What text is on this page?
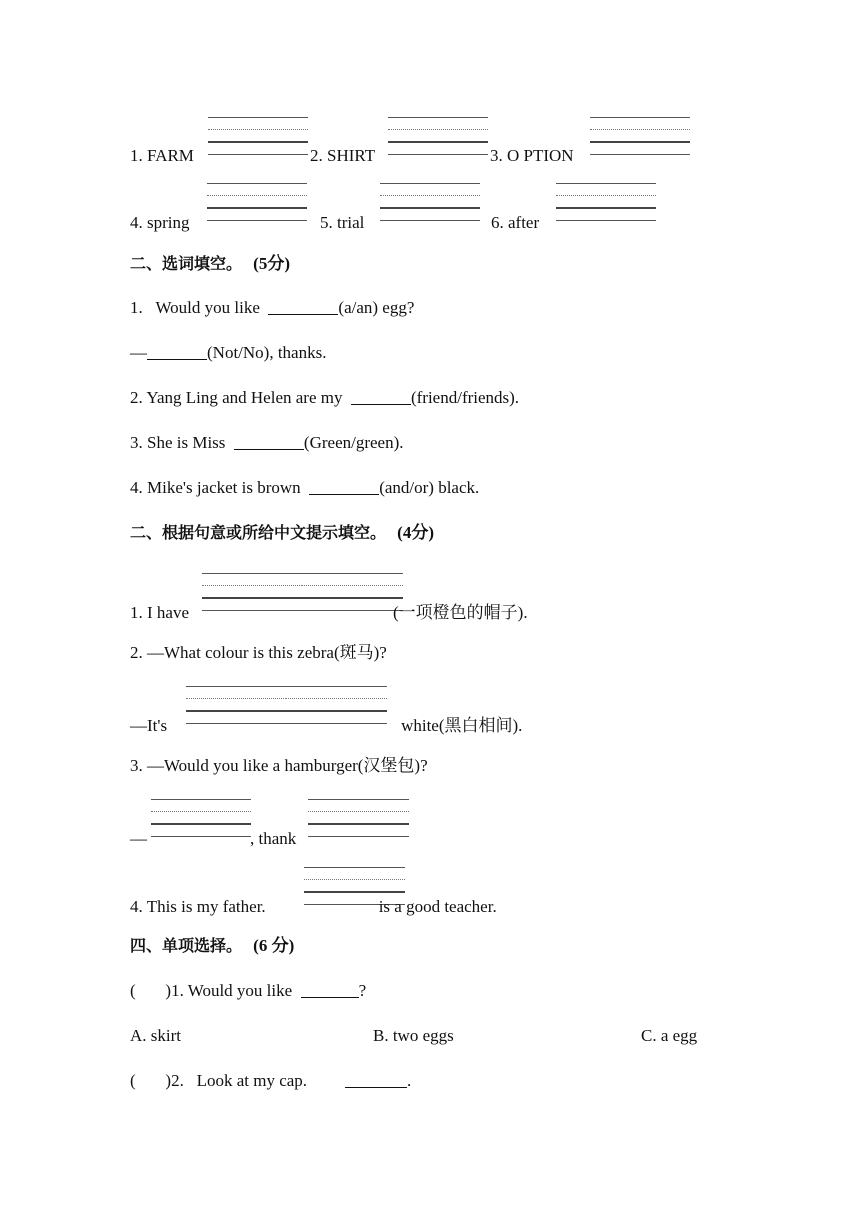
1. FARM	2. SHIRT	3. O PTION
4. spring	5. trial	6. after
二、选词填空。 (5分)
1.   Would you like	(a/an) egg?
—	(Not/No), thanks.
2. Yang Ling and Helen are my	(friend/friends).
3. She is Miss	(Green/green).
4. Mike's jacket is brown	(and/or) black.
二、根据句意或所给中文提示填空。 (4分)
1. I have	(一项橙色的帽子).
2. —What colour is this zebra(斑马)?
—It's	white(黑白相间).
3. —Would you like a hamburger(汉堡包)?
—	, thank
4. This is my father.	is a good teacher.
四、单项选择。 (6 分)
(       )1. Would you like	?
A. skirt	B. two eggs	C. a egg
(       )2.   Look at my cap.	.
